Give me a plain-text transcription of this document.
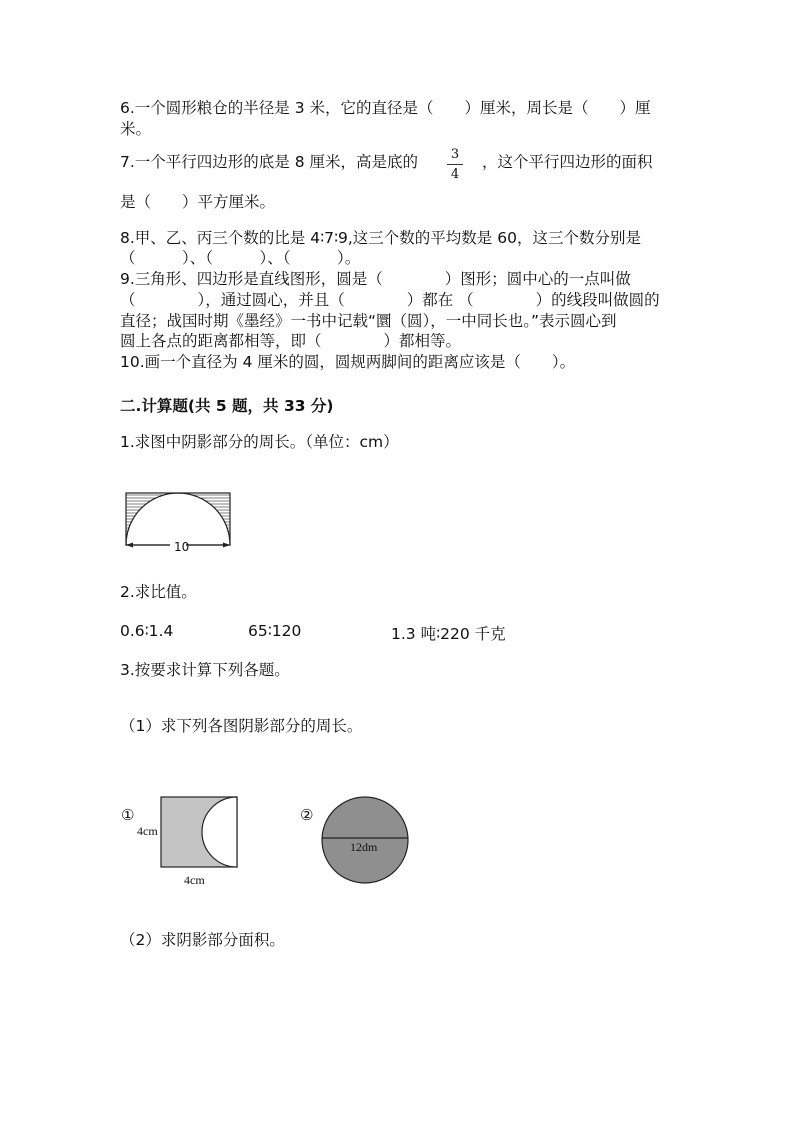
6.一个圆形粮仓的半径是 3 米，它的直径是（　　）厘米，周长是（　　）厘
米。
7.一个平行四边形的底是 8 厘米，高是底的	3
4
，这个平行四边形的面积
是（　　）平方厘米。
8.甲、乙、丙三个数的比是 4∶7∶9,这三个数的平均数是 60，这三个数分别是
（　　　）、（　　　）、（　　　）。
9.三角形、四边形是直线图形，圆是（　　　　）图形；圆中心的一点叫做
（　　　　），通过圆心，并且（　　　　）都在 （　　　　）的线段叫做圆的
直径；战国时期《墨经》一书中记载“圜（圆），一中同长也。”表示圆心到
圆上各点的距离都相等，即（　　　　）都相等。
10.画一个直径为 4 厘米的圆，圆规两脚间的距离应该是（　　）。
二.计算题(共 5 题，共 33 分)
1.求图中阴影部分的周长。（单位：cm）
10
2.求比值。
0.6∶1.4	65∶120	1.3 吨∶220 千克
3.按要求计算下列各题。
（1）求下列各图阴影部分的周长。
①
4cm
4cm
②
12dm
（2）求阴影部分面积。
